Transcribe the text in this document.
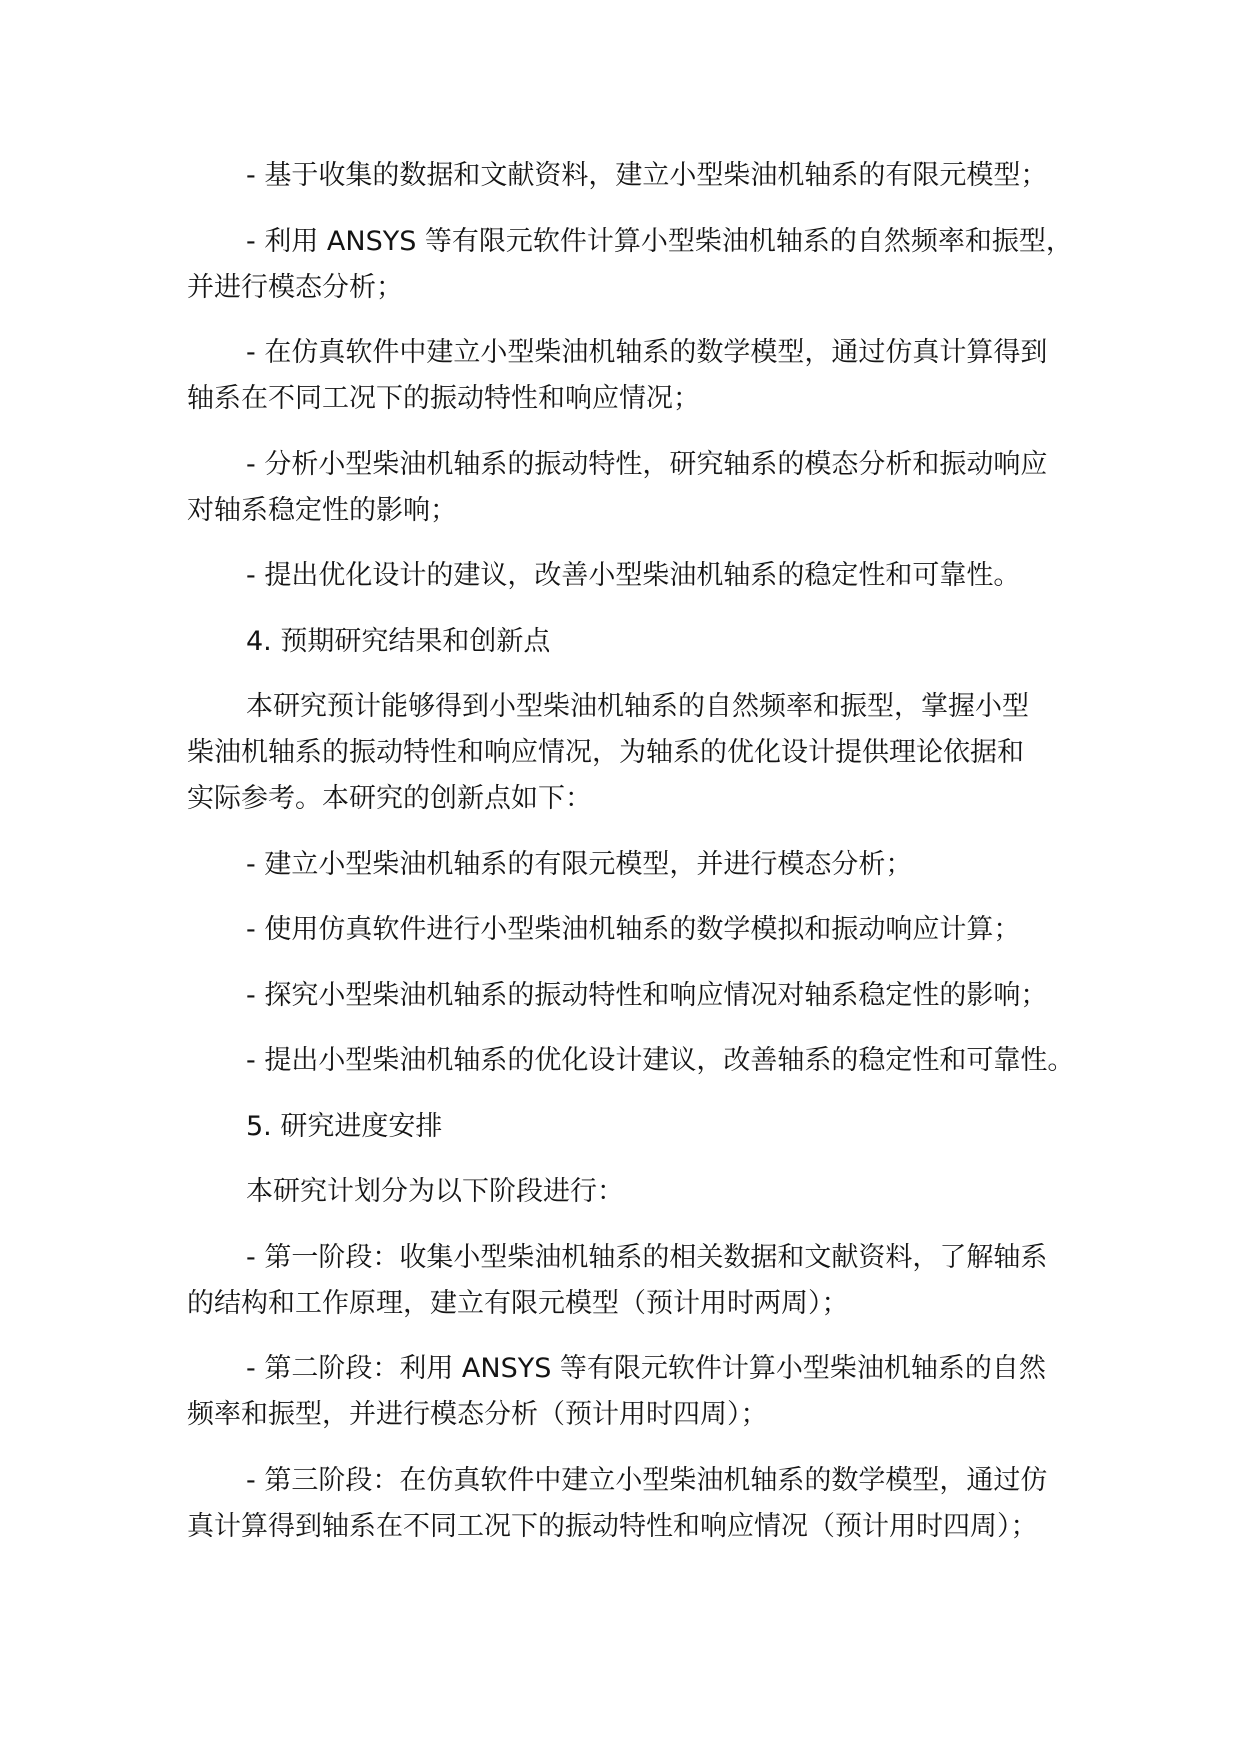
- 基于收集的数据和文献资料，建立小型柴油机轴系的有限元模型；
- 利用 ANSYS 等有限元软件计算小型柴油机轴系的自然频率和振型，
并进行模态分析；
- 在仿真软件中建立小型柴油机轴系的数学模型，通过仿真计算得到
轴系在不同工况下的振动特性和响应情况；
- 分析小型柴油机轴系的振动特性，研究轴系的模态分析和振动响应
对轴系稳定性的影响；
- 提出优化设计的建议，改善小型柴油机轴系的稳定性和可靠性。
4. 预期研究结果和创新点
本研究预计能够得到小型柴油机轴系的自然频率和振型，掌握小型
柴油机轴系的振动特性和响应情况，为轴系的优化设计提供理论依据和
实际参考。本研究的创新点如下：
- 建立小型柴油机轴系的有限元模型，并进行模态分析；
- 使用仿真软件进行小型柴油机轴系的数学模拟和振动响应计算；
- 探究小型柴油机轴系的振动特性和响应情况对轴系稳定性的影响；
- 提出小型柴油机轴系的优化设计建议，改善轴系的稳定性和可靠性。
5. 研究进度安排
本研究计划分为以下阶段进行：
- 第一阶段：收集小型柴油机轴系的相关数据和文献资料，了解轴系
的结构和工作原理，建立有限元模型（预计用时两周）；
- 第二阶段：利用 ANSYS 等有限元软件计算小型柴油机轴系的自然
频率和振型，并进行模态分析（预计用时四周）；
- 第三阶段：在仿真软件中建立小型柴油机轴系的数学模型，通过仿
真计算得到轴系在不同工况下的振动特性和响应情况（预计用时四周）；
